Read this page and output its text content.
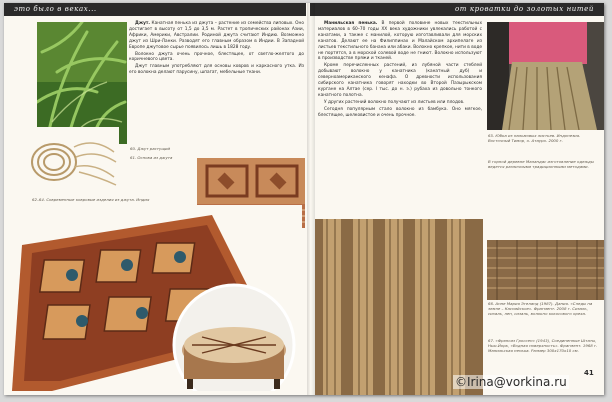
это было в веках...	от кроватки до золотых нитей

Джут. Канатная пенька из джута – растение из семейства липовых. Оно достигает в высоту от 1,5 до 3,5 м. Растет в тропических районах Азии, Африки, Америки, Австралии. Родиной джута считают Индию. Возможно джут из Шри-Ланки. Разводят его главным образом в Индии. В Западной Европе джутовое сырье появилось лишь в 1828 году.

Волокно джута очень прочное, блестящее, от светло-желтого до коричневого цвета.

Джут главным употребляют для основы ковров и каркасного утка. Из его волокна делают парусину, шпагат, мебельные ткани.

60. Джут растущий
61. Основа из джута
62–64. Современные ковровые изделия из джута. Индия

Манильская пенька. В первой половине новых текстильных материалов в 60–70 годы XX века художники увлекались работой с канатами, а также с манилой, которую изготавливали для морских канатов. Делают ее на Филиппинах и Малайском архипелаге из листьев текстильного банана или абаки. Волокно крепкое, нити в воде не портятся, а в морской солевой воде не гниют. Волокно используют в производстве пряжи и тканей.

Кроме перечисленных растений, из лубяной части стеблей добывают волокно у канатника (канатный дуб) и северноамериканского кенафа. О древности использования сибирского канатника говорят находки во Второй Пазырыкском кургане на Алтае (сер. I тыс. до н. э.) рубаха из довольно тонкого канатного полотна.

У других растений волокно получают из листьев или плодов.

Сегодня популярным стало волокно из бамбука. Оно мягкое, блестящее, шелковистое и очень прочное.

65. Юбка из пальмовых листьев. Индонезия. Восточный Тимор, о. Атауро. 2000 г.
В горной деревне Маландас изготовление одежды ведется различными традиционными методами.
66. Анне Мария Эгеланд (1987). Дания. «Следы на земле – Каспийское». Фрагмент. 2008 г. Сизаль, сизаль, лен, сизаль, волокно кокосового ореха.
67. «Фрэнсиз Гроссен» (1943), Соединенные Штаты, Нью-Йорк, «Водная поверхность». Фрагмент. 1968 г. Манильская пенька. Размер 300х170х10 см.
41
©Irina@vorkina.ru
